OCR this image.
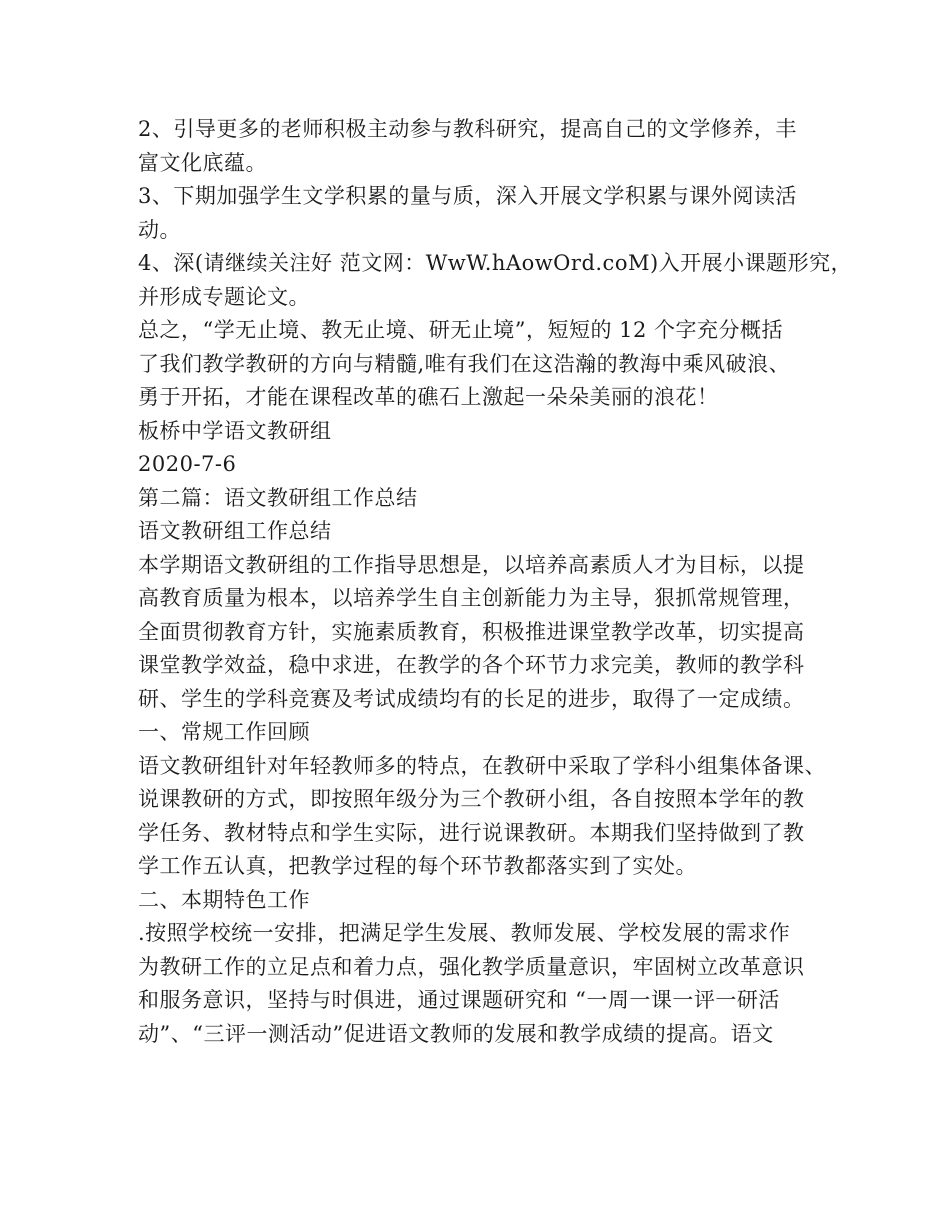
2、引导更多的老师积极主动参与教科研究，提高自己的文学修养，丰
富文化底蕴。
3、下期加强学生文学积累的量与质，深入开展文学积累与课外阅读活
动。
4、深(请继续关注好 范文网：WwW.hAowOrd.coM)入开展小课题形究，
并形成专题论文。
总之，“学无止境、教无止境、研无止境”，短短的 12 个字充分概括
了我们教学教研的方向与精髓,唯有我们在这浩瀚的教海中乘风破浪、
勇于开拓，才能在课程改革的礁石上激起一朵朵美丽的浪花！
板桥中学语文教研组
2020-7-6
第二篇：语文教研组工作总结
语文教研组工作总结
本学期语文教研组的工作指导思想是，以培养高素质人才为目标，以提
高教育质量为根本，以培养学生自主创新能力为主导，狠抓常规管理，
全面贯彻教育方针，实施素质教育，积极推进课堂教学改革，切实提高
课堂教学效益，稳中求进，在教学的各个环节力求完美，教师的教学科
研、学生的学科竞赛及考试成绩均有的长足的进步，取得了一定成绩。
一、常规工作回顾
语文教研组针对年轻教师多的特点，在教研中采取了学科小组集体备课、
说课教研的方式，即按照年级分为三个教研小组，各自按照本学年的教
学任务、教材特点和学生实际，进行说课教研。本期我们坚持做到了教
学工作五认真，把教学过程的每个环节教都落实到了实处。
二、本期特色工作
.按照学校统一安排，把满足学生发展、教师发展、学校发展的需求作
为教研工作的立足点和着力点，强化教学质量意识，牢固树立改革意识
和服务意识，坚持与时俱进，通过课题研究和 “一周一课一评一研活
动”、“三评一测活动”促进语文教师的发展和教学成绩的提高。语文
